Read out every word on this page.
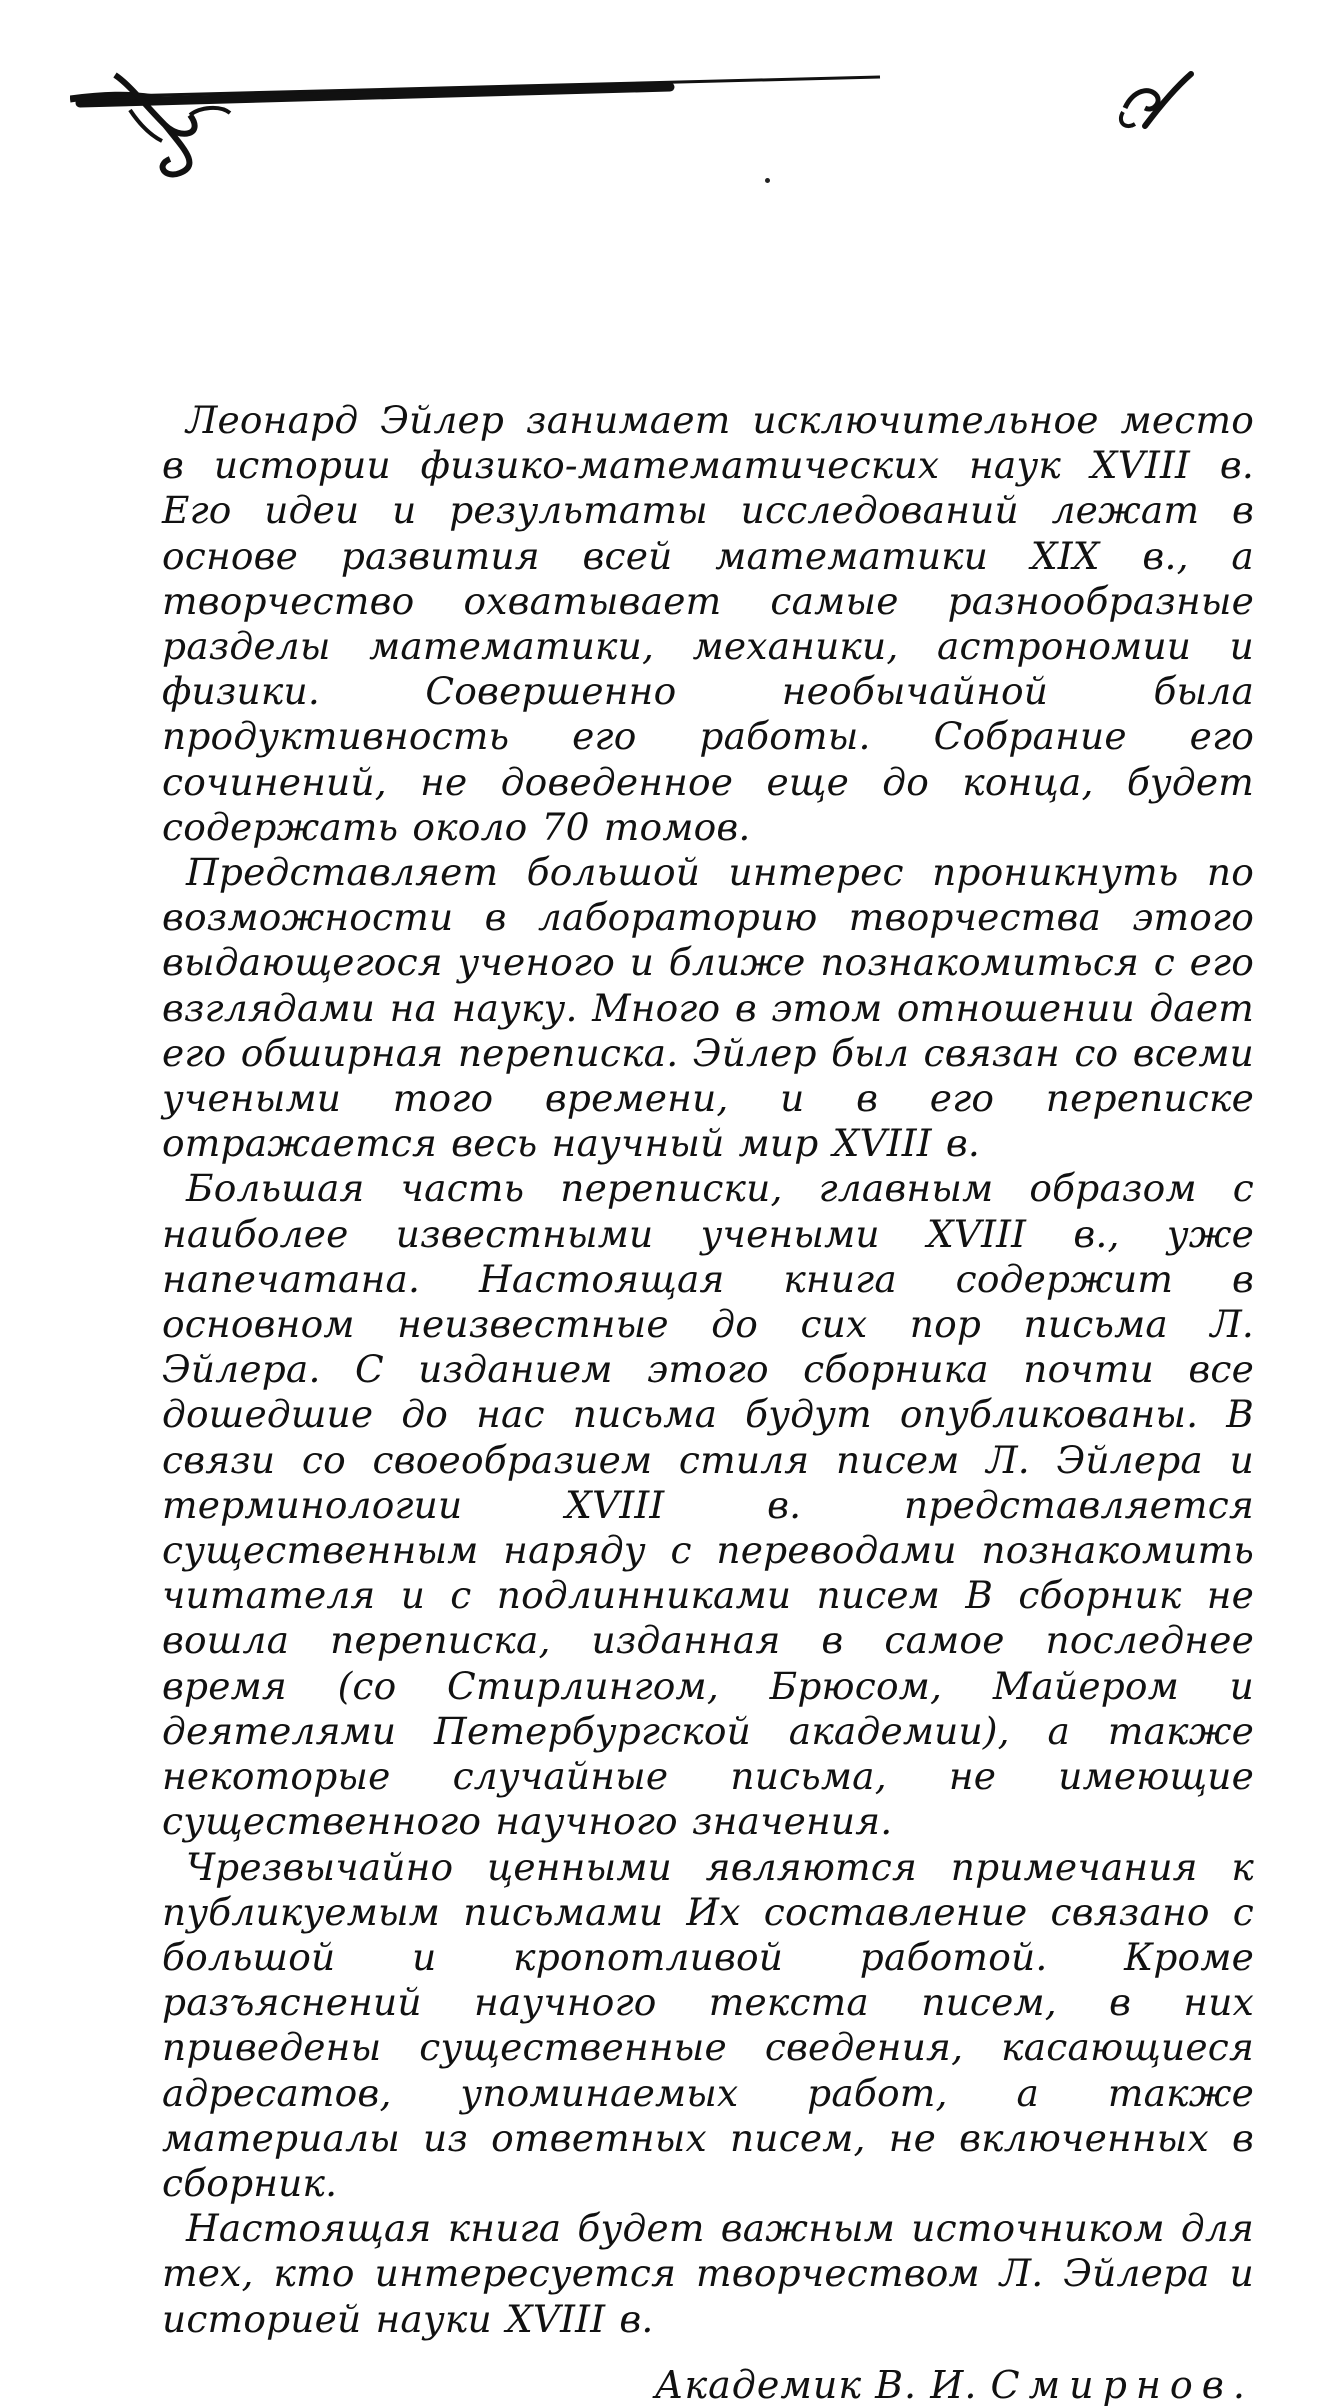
Леонард Эйлер занимает исключительное место в истории физико-математических наук XVIII в. Его идеи и результаты исследований лежат в основе развития всей математики XIX в., а творчество охватывает самые разнообразные разделы математики, механики, астрономии и физики. Совершенно необычайной была продуктивность его работы. Собрание его сочинений, не доведенное еще до конца, будет содержать около 70 томов.

Представляет большой интерес проникнуть по возможности в лабораторию творчества этого выдающегося ученого и ближе познакомиться с его взглядами на науку. Много в этом отношении дает его обширная переписка. Эйлер был связан со всеми учеными того времени, и в его переписке отражается весь научный мир XVIII в.

Большая часть переписки, главным образом с наиболее известными учеными XVIII в., уже напечатана. Настоящая книга содержит в основном неизвестные до сих пор письма Л. Эйлера. С изданием этого сборника почти все дошедшие до нас письма будут опубликованы. В связи со своеобразием стиля писем Л. Эйлера и терминологии XVIII в. представляется существенным наряду с переводами познакомить читателя и с подлинниками писем В сборник не вошла переписка, изданная в самое последнее время (со Стирлингом, Брюсом, Майером и деятелями Петербургской академии), а также некоторые случайные письма, не имеющие существенного научного значения.

Чрезвычайно ценными являются примечания к публикуемым письмами Их составление связано с большой и кропотливой работой. Кроме разъяснений научного текста писем, в них приведены существенные сведения, касающиеся адресатов, упоминаемых работ, а также материалы из ответных писем, не включенных в сборник.

Настоящая книга будет важным источником для тех, кто интересуется творчеством Л. Эйлера и историей науки XVIII в.

Академик В. И. Смирнов.
